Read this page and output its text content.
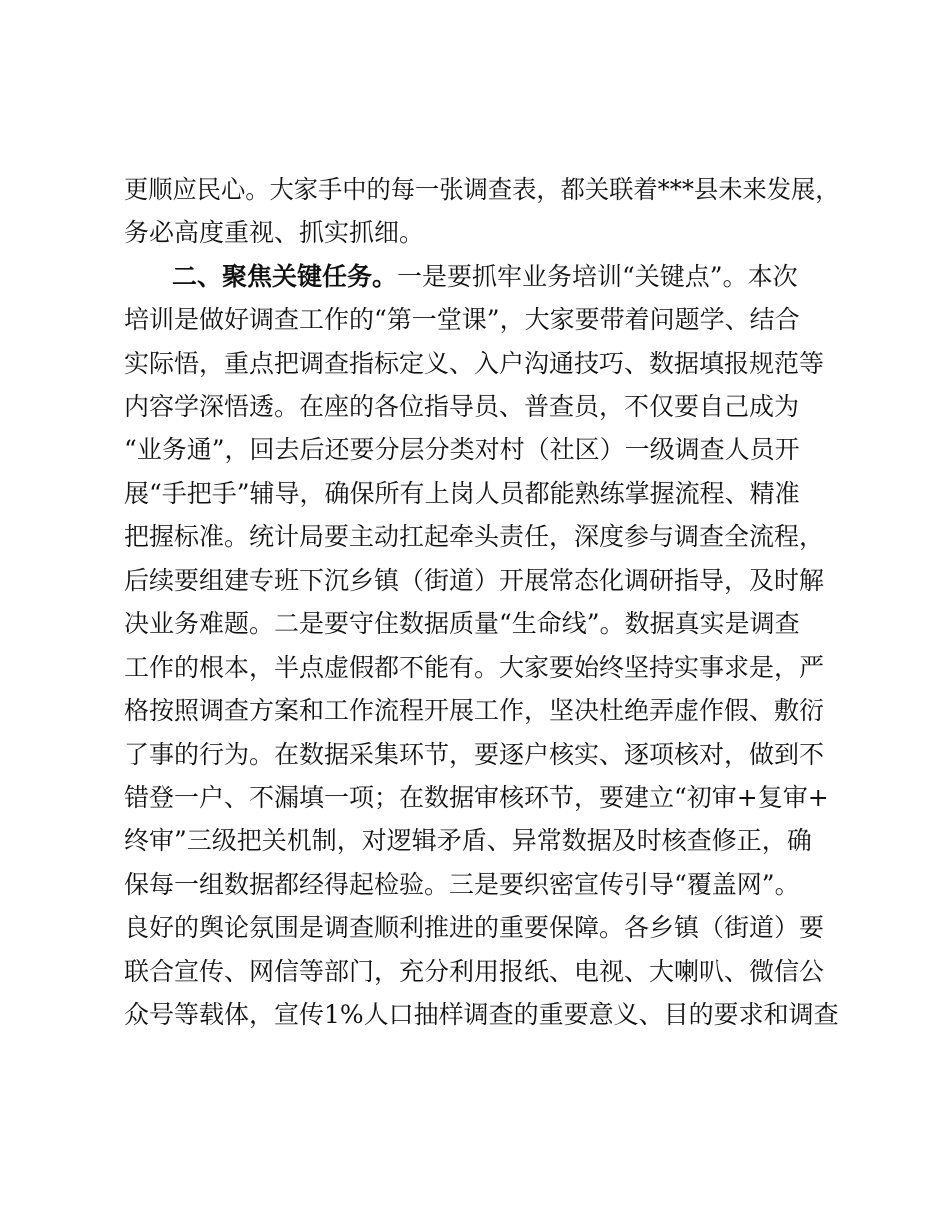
更顺应民心。大家手中的每一张调查表，都关联着***县未来发展，

务必高度重视、抓实抓细。

二、聚焦关键任务。一是要抓牢业务培训“关键点”。本次

培训是做好调查工作的“第一堂课”，大家要带着问题学、结合

实际悟，重点把调查指标定义、入户沟通技巧、数据填报规范等

内容学深悟透。在座的各位指导员、普查员，不仅要自己成为

“业务通”，回去后还要分层分类对村（社区）一级调查人员开

展“手把手”辅导，确保所有上岗人员都能熟练掌握流程、精准

把握标准。统计局要主动扛起牵头责任，深度参与调查全流程，

后续要组建专班下沉乡镇（街道）开展常态化调研指导，及时解

决业务难题。二是要守住数据质量“生命线”。数据真实是调查

工作的根本，半点虚假都不能有。大家要始终坚持实事求是，严

格按照调查方案和工作流程开展工作，坚决杜绝弄虚作假、敷衍

了事的行为。在数据采集环节，要逐户核实、逐项核对，做到不

错登一户、不漏填一项；在数据审核环节，要建立“初审+复审+

终审”三级把关机制，对逻辑矛盾、异常数据及时核查修正，确

保每一组数据都经得起检验。三是要织密宣传引导“覆盖网”。

良好的舆论氛围是调查顺利推进的重要保障。各乡镇（街道）要

联合宣传、网信等部门，充分利用报纸、电视、大喇叭、微信公

众号等载体，宣传1%人口抽样调查的重要意义、目的要求和调查
